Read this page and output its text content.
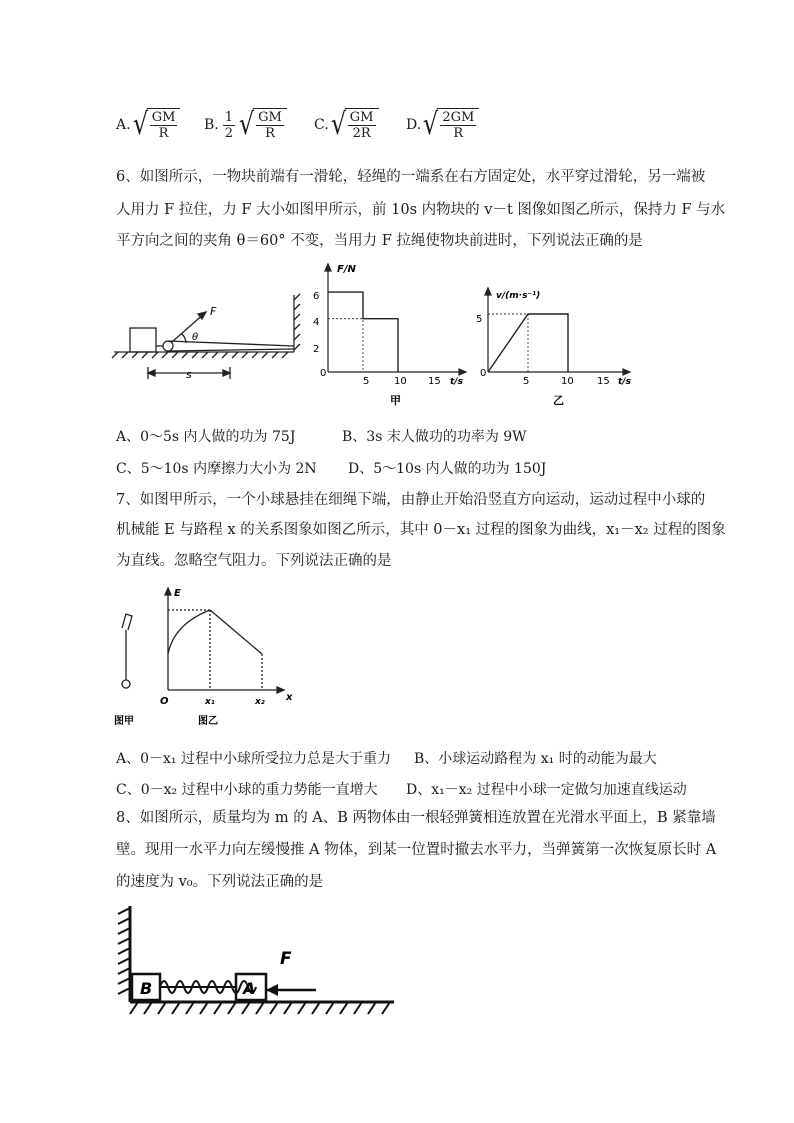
A. √ $\frac{GM}{R} B$. $\frac{1}{2}$ √ $\frac{GM}{R} C$. √ $\frac{GM}{2R} D$. √ $\frac{2GM}{R}$
6、如图所示，一物块前端有一滑轮，轻绳的一端系在右方固定处，水平穿过滑轮，另一端被
人用力 F 拉住，力 F 大小如图甲所示，前 10s 内物块的 v－t 图像如图乙所示，保持力 F 与水
平方向之间的夹角 θ＝60° 不变，当用力 F 拉绳使物块前进时，下列说法正确的是
F
θ
s
F/N
t/s
0
2
4
6
5 10 15
甲
v/(m·s⁻¹)
t/s
0
5
5	10 15
乙
A、0～5s 内人做的功为 75J	B、3s 末人做功的功率为 9W
C、5～10s 内摩擦力大小为 2N D、5～10s 内人做的功为 150J
7、如图甲所示，一个小球悬挂在细绳下端，由静止开始沿竖直方向运动，运动过程中小球的
机械能 E 与路程 x 的关系图象如图乙所示，其中 0－x₁ 过程的图象为曲线，x₁－x₂ 过程的图象
为直线。忽略空气阻力。下列说法正确的是
E
x
O	x₁	x₂
图甲	图乙
A、0－x₁ 过程中小球所受拉力总是大于重力 B、小球运动路程为 x₁ 时的动能为最大
C、0－x₂ 过程中小球的重力势能一直增大 D、x₁－x₂ 过程中小球一定做匀加速直线运动
8、如图所示，质量均为 m 的 A、B 两物体由一根轻弹簧相连放置在光滑水平面上，B 紧靠墙
壁。现用一水平力向左缓慢推 A 物体，到某一位置时撤去水平力，当弹簧第一次恢复原长时 A
的速度为 v₀。下列说法正确的是
B	A
F
